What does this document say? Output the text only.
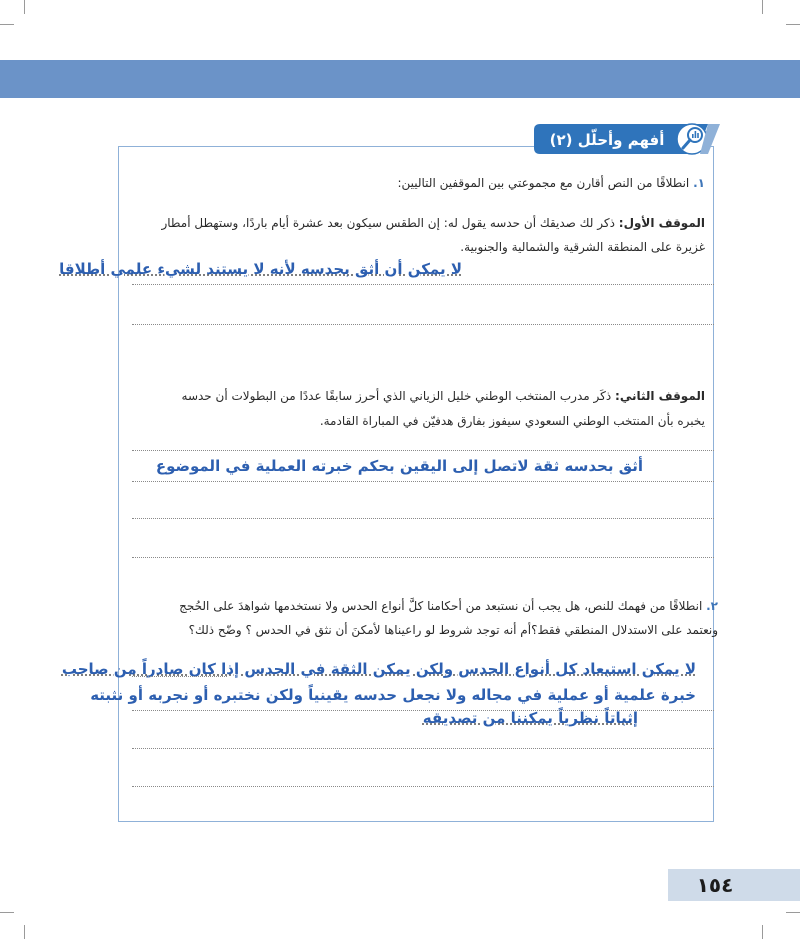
أفهم وأحلّل (٢)
١. انطلاقًا من النص أقارن مع مجموعتي بين الموقفين التاليين:
الموقف الأول: ذكر لك صديقك أن حدسه يقول له: إن الطقس سيكون بعد عشرة أيام باردًا، وستهطل أمطار
غزيرة على المنطقة الشرقية والشمالية والجنوبية.
لا يمكن أن أثق بحدسه لأنه لا يستند لشيء علمي أطلاقا
الموقف الثاني: ذكَر مدرب المنتخب الوطني خليل الزياني الذي أحرز سابقًا عددًا من البطولات أن حدسه
يخبره بأن المنتخب الوطني السعودي سيفوز بفارق هدفيّن في المباراة القادمة.
أثق بحدسه ثقة لاتصل إلى اليقين بحكم خبرته العملية في الموضوع
٢. انطلاقًا من فهمك للنص، هل يجب أن نستبعد من أحكامنا كلَّ أنواع الحدس ولا نستخدمها شواهدَ على الحُجج
ونعتمد على الاستدلال المنطقي فقط؟أم أنه توجد شروط لو راعيناها لأمكنَ أن نثق في الحدس ؟ وضّح ذلك؟
لا يمكن استبعاد كل أنواع الحدس ولكن يمكن الثقة في الحدس إذا كان صادراً من صاحب
خبرة علمية أو عملية في مجاله ولا نجعل حدسه يقينياً ولكن نختبره أو نجربه أو نثبته
إثباتاً نظرياً يمكننا من تصديقه
١٥٤
